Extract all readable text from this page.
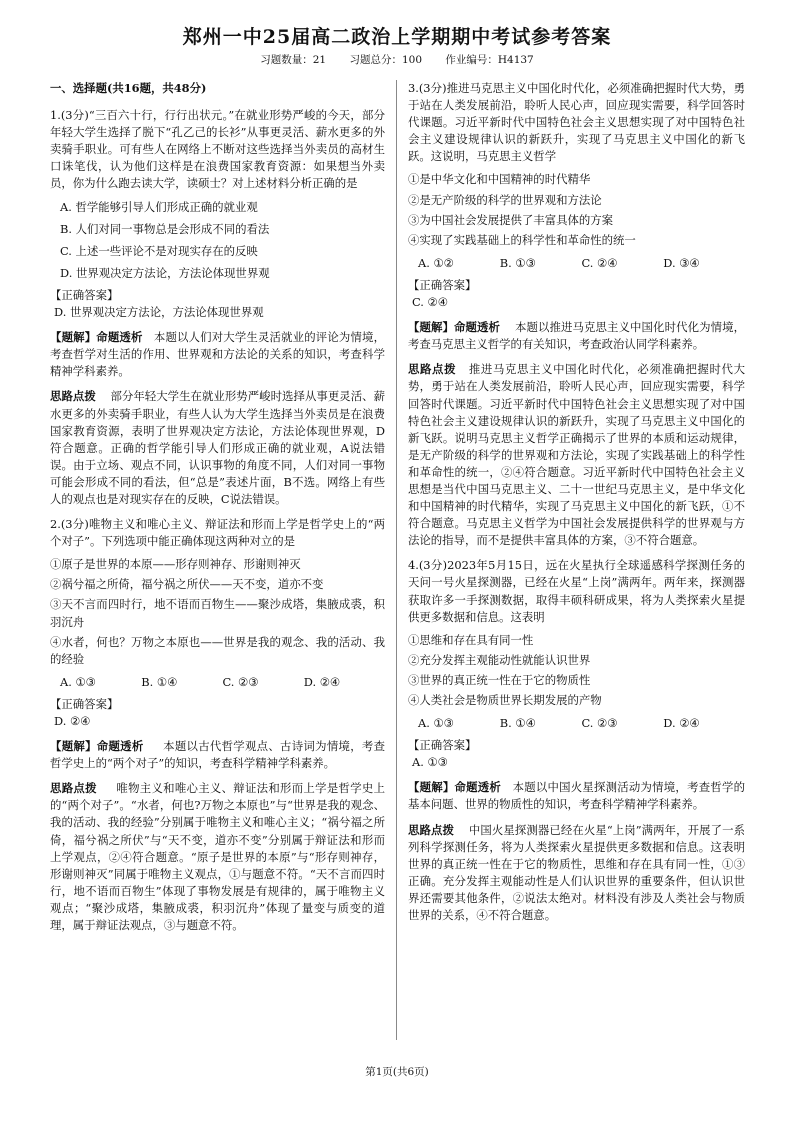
郑州一中25届高二政治上学期期中考试参考答案
习题数量：21 习题总分：100 作业编号：H4137

一、选择题(共16题，共48分)

1.(3分)“三百六十行，行行出状元。”在就业形势严峻的今天，部分年轻大学生选择了脱下“孔乙己的长衫”从事更灵活、薪水更多的外卖骑手职业。可有些人在网络上不断对这些选择当外卖员的高材生口诛笔伐，认为他们这样是在浪费国家教育资源：如果想当外卖员，你为什么跑去读大学，读硕士？对上述材料分析正确的是

A. 哲学能够引导人们形成正确的就业观

B. 人们对同一事物总是会形成不同的看法

C. 上述一些评论不是对现实存在的反映

D. 世界观决定方法论，方法论体现世界观

【正确答案】

D. 世界观决定方法论，方法论体现世界观

【题解】命题透析 本题以人们对大学生灵活就业的评论为情境，考查哲学对生活的作用、世界观和方法论的关系的知识，考查科学精神学科素养。

思路点拨 部分年轻大学生在就业形势严峻时选择从事更灵活、薪水更多的外卖骑手职业，有些人认为大学生选择当外卖员是在浪费国家教育资源，表明了世界观决定方法论，方法论体现世界观，D符合题意。正确的哲学能引导人们形成正确的就业观，A说法错误。由于立场、观点不同，认识事物的角度不同，人们对同一事物可能会形成不同的看法，但“总是”表述片面，B不选。网络上有些人的观点也是对现实存在的反映，C说法错误。

2.(3分)唯物主义和唯心主义、辩证法和形而上学是哲学史上的“两个对子”。下列选项中能正确体现这两种对立的是

①原子是世界的本原——形存则神存、形谢则神灭

②祸兮福之所倚，福兮祸之所伏——天不变，道亦不变

③天不言而四时行，地不语而百物生——聚沙成塔，集腋成裘，积羽沉舟

④水者，何也？万物之本原也——世界是我的观念、我的活动、我的经验

A. ①③	B. ①④	C. ②③	D. ②④

【正确答案】

D. ②④

【题解】命题透析 本题以古代哲学观点、古诗词为情境，考查哲学史上的“两个对子”的知识，考查科学精神学科素养。

思路点拨 唯物主义和唯心主义、辩证法和形而上学是哲学史上的“两个对子”。“水者，何也?万物之本原也”与“世界是我的观念、我的活动、我的经验”分别属于唯物主义和唯心主义；“祸兮福之所倚，福兮祸之所伏”与“天不变，道亦不变”分别属于辩证法和形而上学观点，②④符合题意。“原子是世界的本原”与“形存则神存，形谢则神灭”同属于唯物主义观点，①与题意不符。“天不言而四时行，地不语而百物生”体现了事物发展是有规律的，属于唯物主义观点；“聚沙成塔，集腋成裘，积羽沉舟”体现了量变与质变的道理，属于辩证法观点，③与题意不符。

3.(3分)推进马克思主义中国化时代化，必须准确把握时代大势，勇于站在人类发展前沿，聆听人民心声，回应现实需要，科学回答时代课题。习近平新时代中国特色社会主义思想实现了对中国特色社会主义建设规律认识的新跃升，实现了马克思主义中国化的新飞跃。这说明，马克思主义哲学

①是中华文化和中国精神的时代精华

②是无产阶级的科学的世界观和方法论

③为中国社会发展提供了丰富具体的方案

④实现了实践基础上的科学性和革命性的统一

A. ①②	B. ①③	C. ②④	D. ③④

【正确答案】

C. ②④

【题解】命题透析 本题以推进马克思主义中国化时代化为情境，考查马克思主义哲学的有关知识，考查政治认同学科素养。

思路点拨 推进马克思主义中国化时代化，必须准确把握时代大势，勇于站在人类发展前沿，聆听人民心声，回应现实需要，科学回答时代课题。习近平新时代中国特色社会主义思想实现了对中国特色社会主义建设规律认识的新跃升，实现了马克思主义中国化的新飞跃。说明马克思主义哲学正确揭示了世界的本质和运动规律，是无产阶级的科学的世界观和方法论，实现了实践基础上的科学性和革命性的统一，②④符合题意。习近平新时代中国特色社会主义思想是当代中国马克思主义、二十一世纪马克思主义，是中华文化和中国精神的时代精华，实现了马克思主义中国化的新飞跃，①不符合题意。马克思主义哲学为中国社会发展提供科学的世界观与方法论的指导，而不是提供丰富具体的方案，③不符合题意。

4.(3分)2023年5月15日，远在火星执行全球遥感科学探测任务的天问一号火星探测器，已经在火星“上岗”满两年。两年来，探测器获取许多一手探测数据，取得丰硕科研成果，将为人类探索火星提供更多数据和信息。这表明

①思维和存在具有同一性

②充分发挥主观能动性就能认识世界

③世界的真正统一性在于它的物质性

④人类社会是物质世界长期发展的产物

A. ①③	B. ①④	C. ②③	D. ②④

【正确答案】

A. ①③

【题解】命题透析 本题以中国火星探测活动为情境，考查哲学的基本问题、世界的物质性的知识，考查科学精神学科素养。

思路点拨 中国火星探测器已经在火星“上岗”满两年，开展了一系列科学探测任务，将为人类探索火星提供更多数据和信息。这表明世界的真正统一性在于它的物质性，思维和存在具有同一性，①③正确。充分发挥主观能动性是人们认识世界的重要条件，但认识世界还需要其他条件，②说法太绝对。材料没有涉及人类社会与物质世界的关系，④不符合题意。

第1页(共6页)
